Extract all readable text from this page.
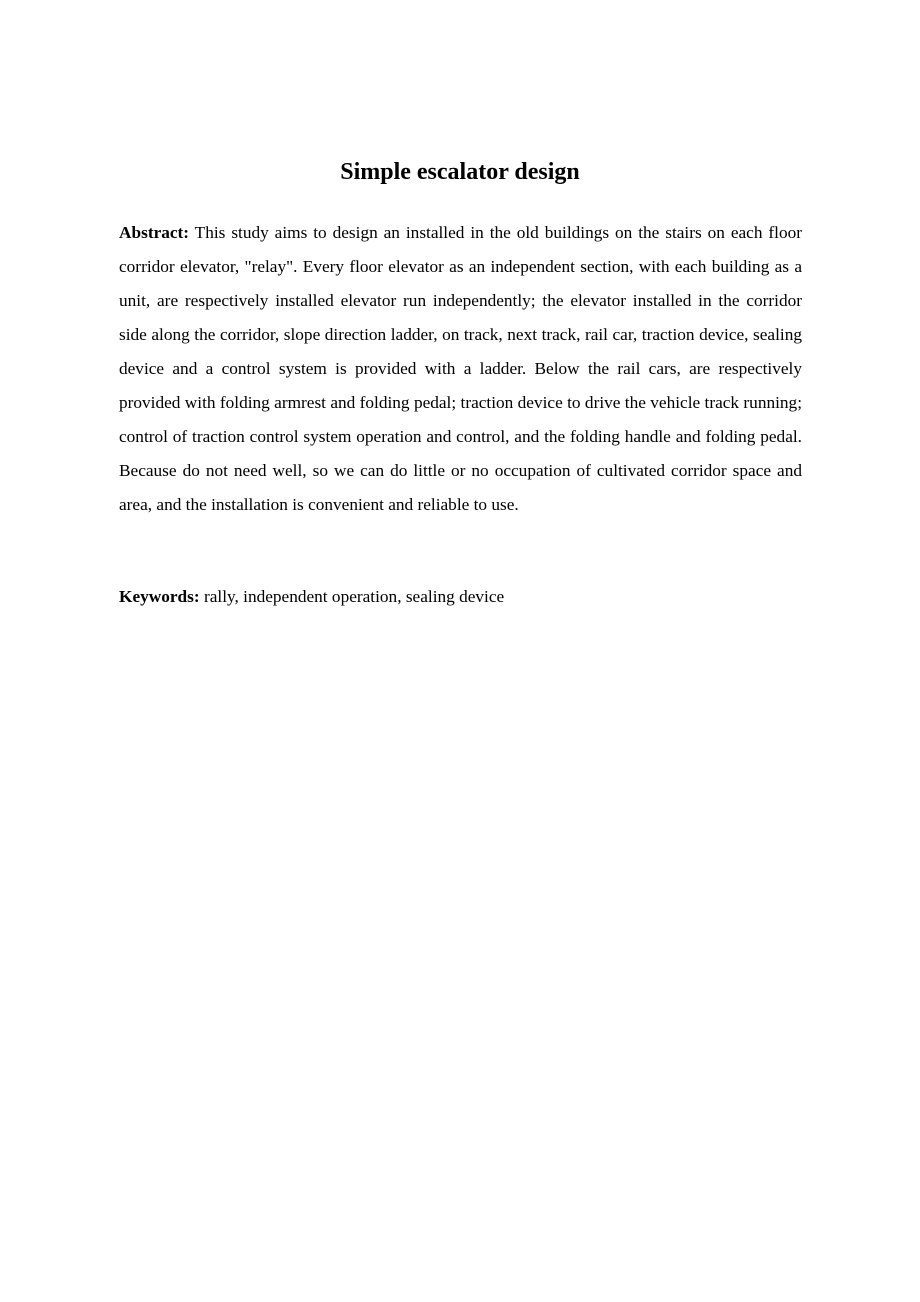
Simple escalator design

Abstract: This study aims to design an installed in the old buildings on the stairs on each floor corridor elevator, "relay". Every floor elevator as an independent section, with each building as a unit, are respectively installed elevator run independently; the elevator installed in the corridor side along the corridor, slope direction ladder, on track, next track, rail car, traction device, sealing device and a control system is provided with a ladder. Below the rail cars, are respectively provided with folding armrest and folding pedal; traction device to drive the vehicle track running; control of traction control system operation and control, and the folding handle and folding pedal. Because do not need well, so we can do little or no occupation of cultivated corridor space and area, and the installation is convenient and reliable to use.

Keywords: rally, independent operation, sealing device
